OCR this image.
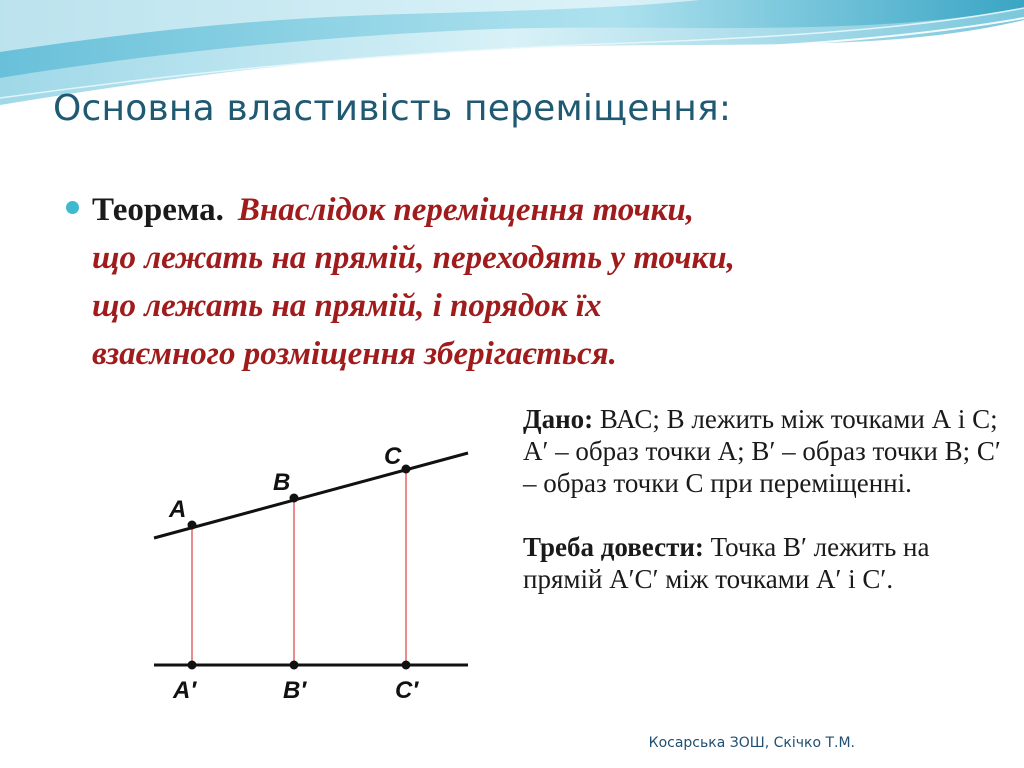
Основна властивість переміщення:
Теорема. Внаслідок переміщення точки,
що лежать на прямій, переходять у точки,
що лежать на прямій, і порядок їх
взаємного розміщення зберігається.

Дано: ВАС; В лежить між точками А і С; А′ – образ точки А; В′ – образ точки В; С′ – образ точки С при переміщенні.

Треба довести: Точка В′ лежить на прямій А′С′ між точками А′ і С′.

A
B
C
A′	B′	C′
Косарська ЗОШ, Скічко Т.М.
